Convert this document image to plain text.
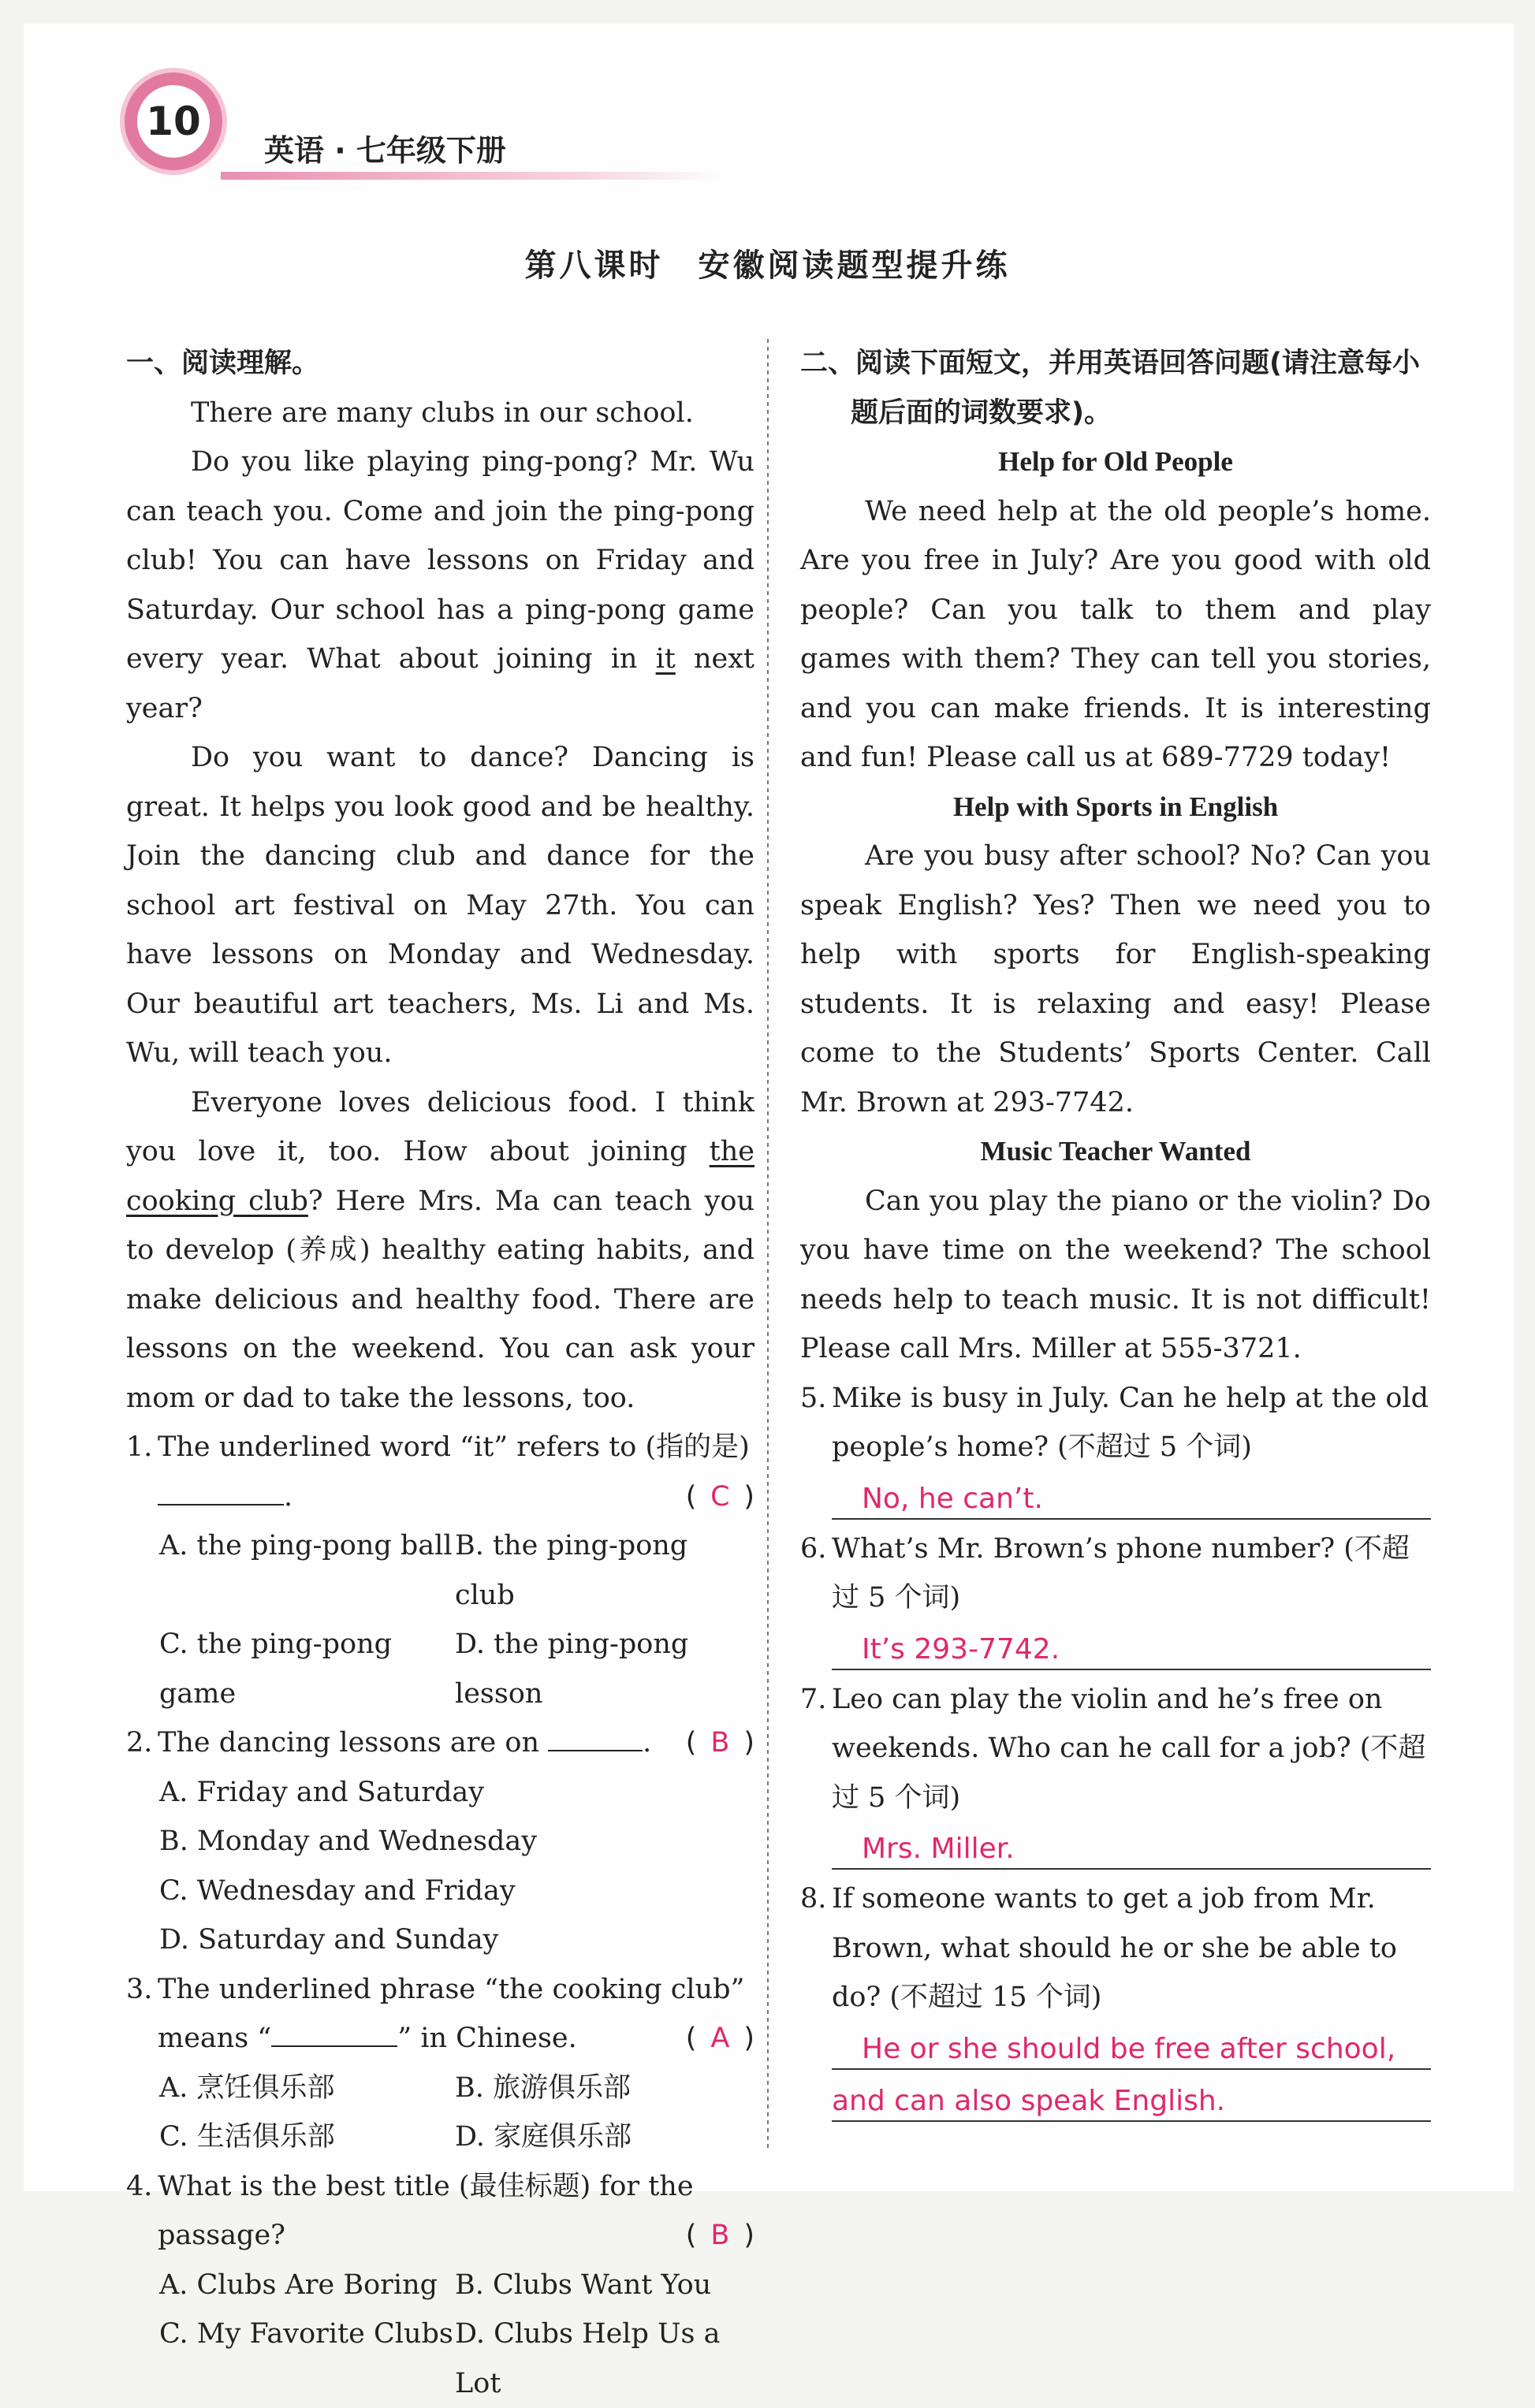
10
英语 · 七年级下册
第八课时　安徽阅读题型提升练
一、阅读理解。
There are many clubs in our school.
Do you like playing ping-pong? Mr. Wu can teach you. Come and join the ping-pong club! You can have lessons on Friday and Saturday. Our school has a ping-pong game every year. What about joining in it next year?
Do you want to dance? Dancing is great. It helps you look good and be healthy. Join the dancing club and dance for the school art festival on May 27th. You can have lessons on Monday and Wednesday. Our beautiful art teachers, Ms. Li and Ms. Wu, will teach you.
Everyone loves delicious food. I think you love it, too. How about joining the cooking club? Here Mrs. Ma can teach you to develop (养成) healthy eating habits, and make delicious and healthy food. There are lessons on the weekend. You can ask your mom or dad to take the lessons, too.
1. The underlined word “it” refers to (指的是)
.	( C )
A. the ping-pong ball B. the ping-pong club
C. the ping-pong game
D. the ping-pong lesson
2. The dancing lessons are on	. ( B )
A. Friday and Saturday
B. Monday and Wednesday
C. Wednesday and Friday
D. Saturday and Sunday
3. The underlined phrase “the cooking club” means “	” in Chinese.	( A )
A. 烹饪俱乐部	B. 旅游俱乐部
C. 生活俱乐部	D. 家庭俱乐部
4. What is the best title (最佳标题) for the passage?	( B )
A. Clubs Are Boring B. Clubs Want You
C. My Favorite Clubs D. Clubs Help Us a Lot
二、阅读下面短文，并用英语回答问题(请注意每小题后面的词数要求)。
Help for Old People
We need help at the old people’s home. Are you free in July? Are you good with old people? Can you talk to them and play games with them? They can tell you stories, and you can make friends. It is interesting and fun! Please call us at 689-7729 today!
Help with Sports in English
Are you busy after school? No? Can you speak English? Yes? Then we need you to help with sports for English-speaking students. It is relaxing and easy! Please come to the Students’ Sports Center. Call Mr. Brown at 293-7742.
Music Teacher Wanted
Can you play the piano or the violin? Do you have time on the weekend? The school needs help to teach music. It is not difficult! Please call Mrs. Miller at 555-3721.
5. Mike is busy in July. Can he help at the old people’s home? (不超过 5 个词)
No, he can’t.
6. What’s Mr. Brown’s phone number? (不超过 5 个词)
It’s 293-7742.
7. Leo can play the violin and he’s free on weekends. Who can he call for a job? (不超过 5 个词)
Mrs. Miller.
8. If someone wants to get a job from Mr. Brown, what should he or she be able to do? (不超过 15 个词)
He or she should be free after school,
and can also speak English.
